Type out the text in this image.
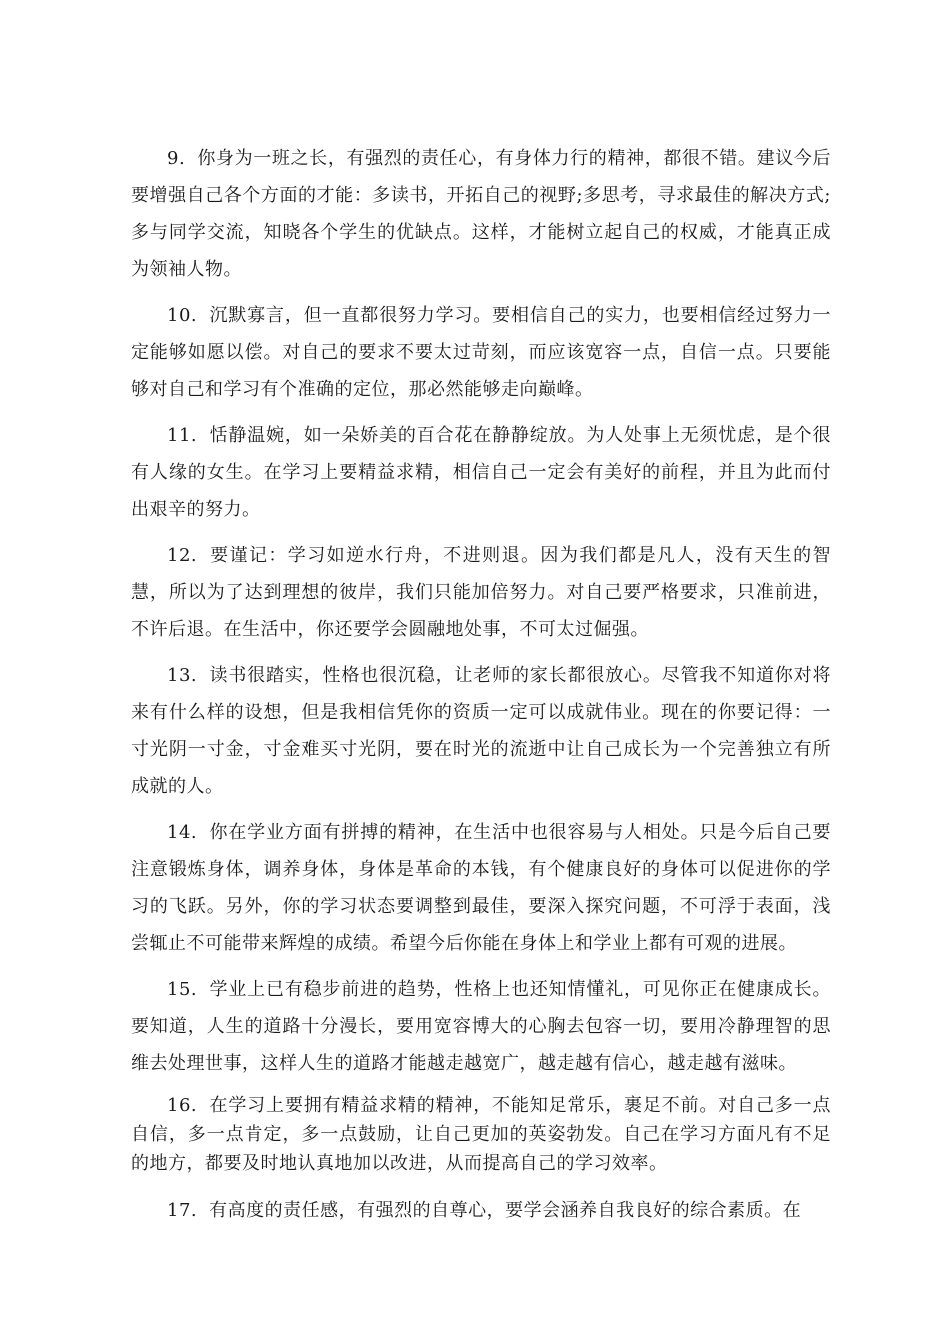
9. 你身为一班之长，有强烈的责任心，有身体力行的精神，都很不错。建议今后要增强自己各个方面的才能：多读书，开拓自己的视野;多思考，寻求最佳的解决方式;多与同学交流，知晓各个学生的优缺点。这样，才能树立起自己的权威，才能真正成为领袖人物。

10. 沉默寡言，但一直都很努力学习。要相信自己的实力，也要相信经过努力一定能够如愿以偿。对自己的要求不要太过苛刻，而应该宽容一点，自信一点。只要能够对自己和学习有个准确的定位，那必然能够走向巅峰。

11. 恬静温婉，如一朵娇美的百合花在静静绽放。为人处事上无须忧虑，是个很有人缘的女生。在学习上要精益求精，相信自己一定会有美好的前程，并且为此而付出艰辛的努力。

12. 要谨记：学习如逆水行舟，不进则退。因为我们都是凡人，没有天生的智慧，所以为了达到理想的彼岸，我们只能加倍努力。对自己要严格要求，只准前进，不许后退。在生活中，你还要学会圆融地处事，不可太过倔强。

13. 读书很踏实，性格也很沉稳，让老师的家长都很放心。尽管我不知道你对将来有什么样的设想，但是我相信凭你的资质一定可以成就伟业。现在的你要记得：一寸光阴一寸金，寸金难买寸光阴，要在时光的流逝中让自己成长为一个完善独立有所成就的人。

14. 你在学业方面有拼搏的精神，在生活中也很容易与人相处。只是今后自己要注意锻炼身体，调养身体，身体是革命的本钱，有个健康良好的身体可以促进你的学习的飞跃。另外，你的学习状态要调整到最佳，要深入探究问题，不可浮于表面，浅尝辄止不可能带来辉煌的成绩。希望今后你能在身体上和学业上都有可观的进展。

15. 学业上已有稳步前进的趋势，性格上也还知情懂礼，可见你正在健康成长。要知道，人生的道路十分漫长，要用宽容博大的心胸去包容一切，要用冷静理智的思维去处理世事，这样人生的道路才能越走越宽广，越走越有信心，越走越有滋味。

16. 在学习上要拥有精益求精的精神，不能知足常乐，裹足不前。对自己多一点自信，多一点肯定，多一点鼓励，让自己更加的英姿勃发。自己在学习方面凡有不足的地方，都要及时地认真地加以改进，从而提高自己的学习效率。

17. 有高度的责任感，有强烈的自尊心，要学会涵养自我良好的综合素质。在
